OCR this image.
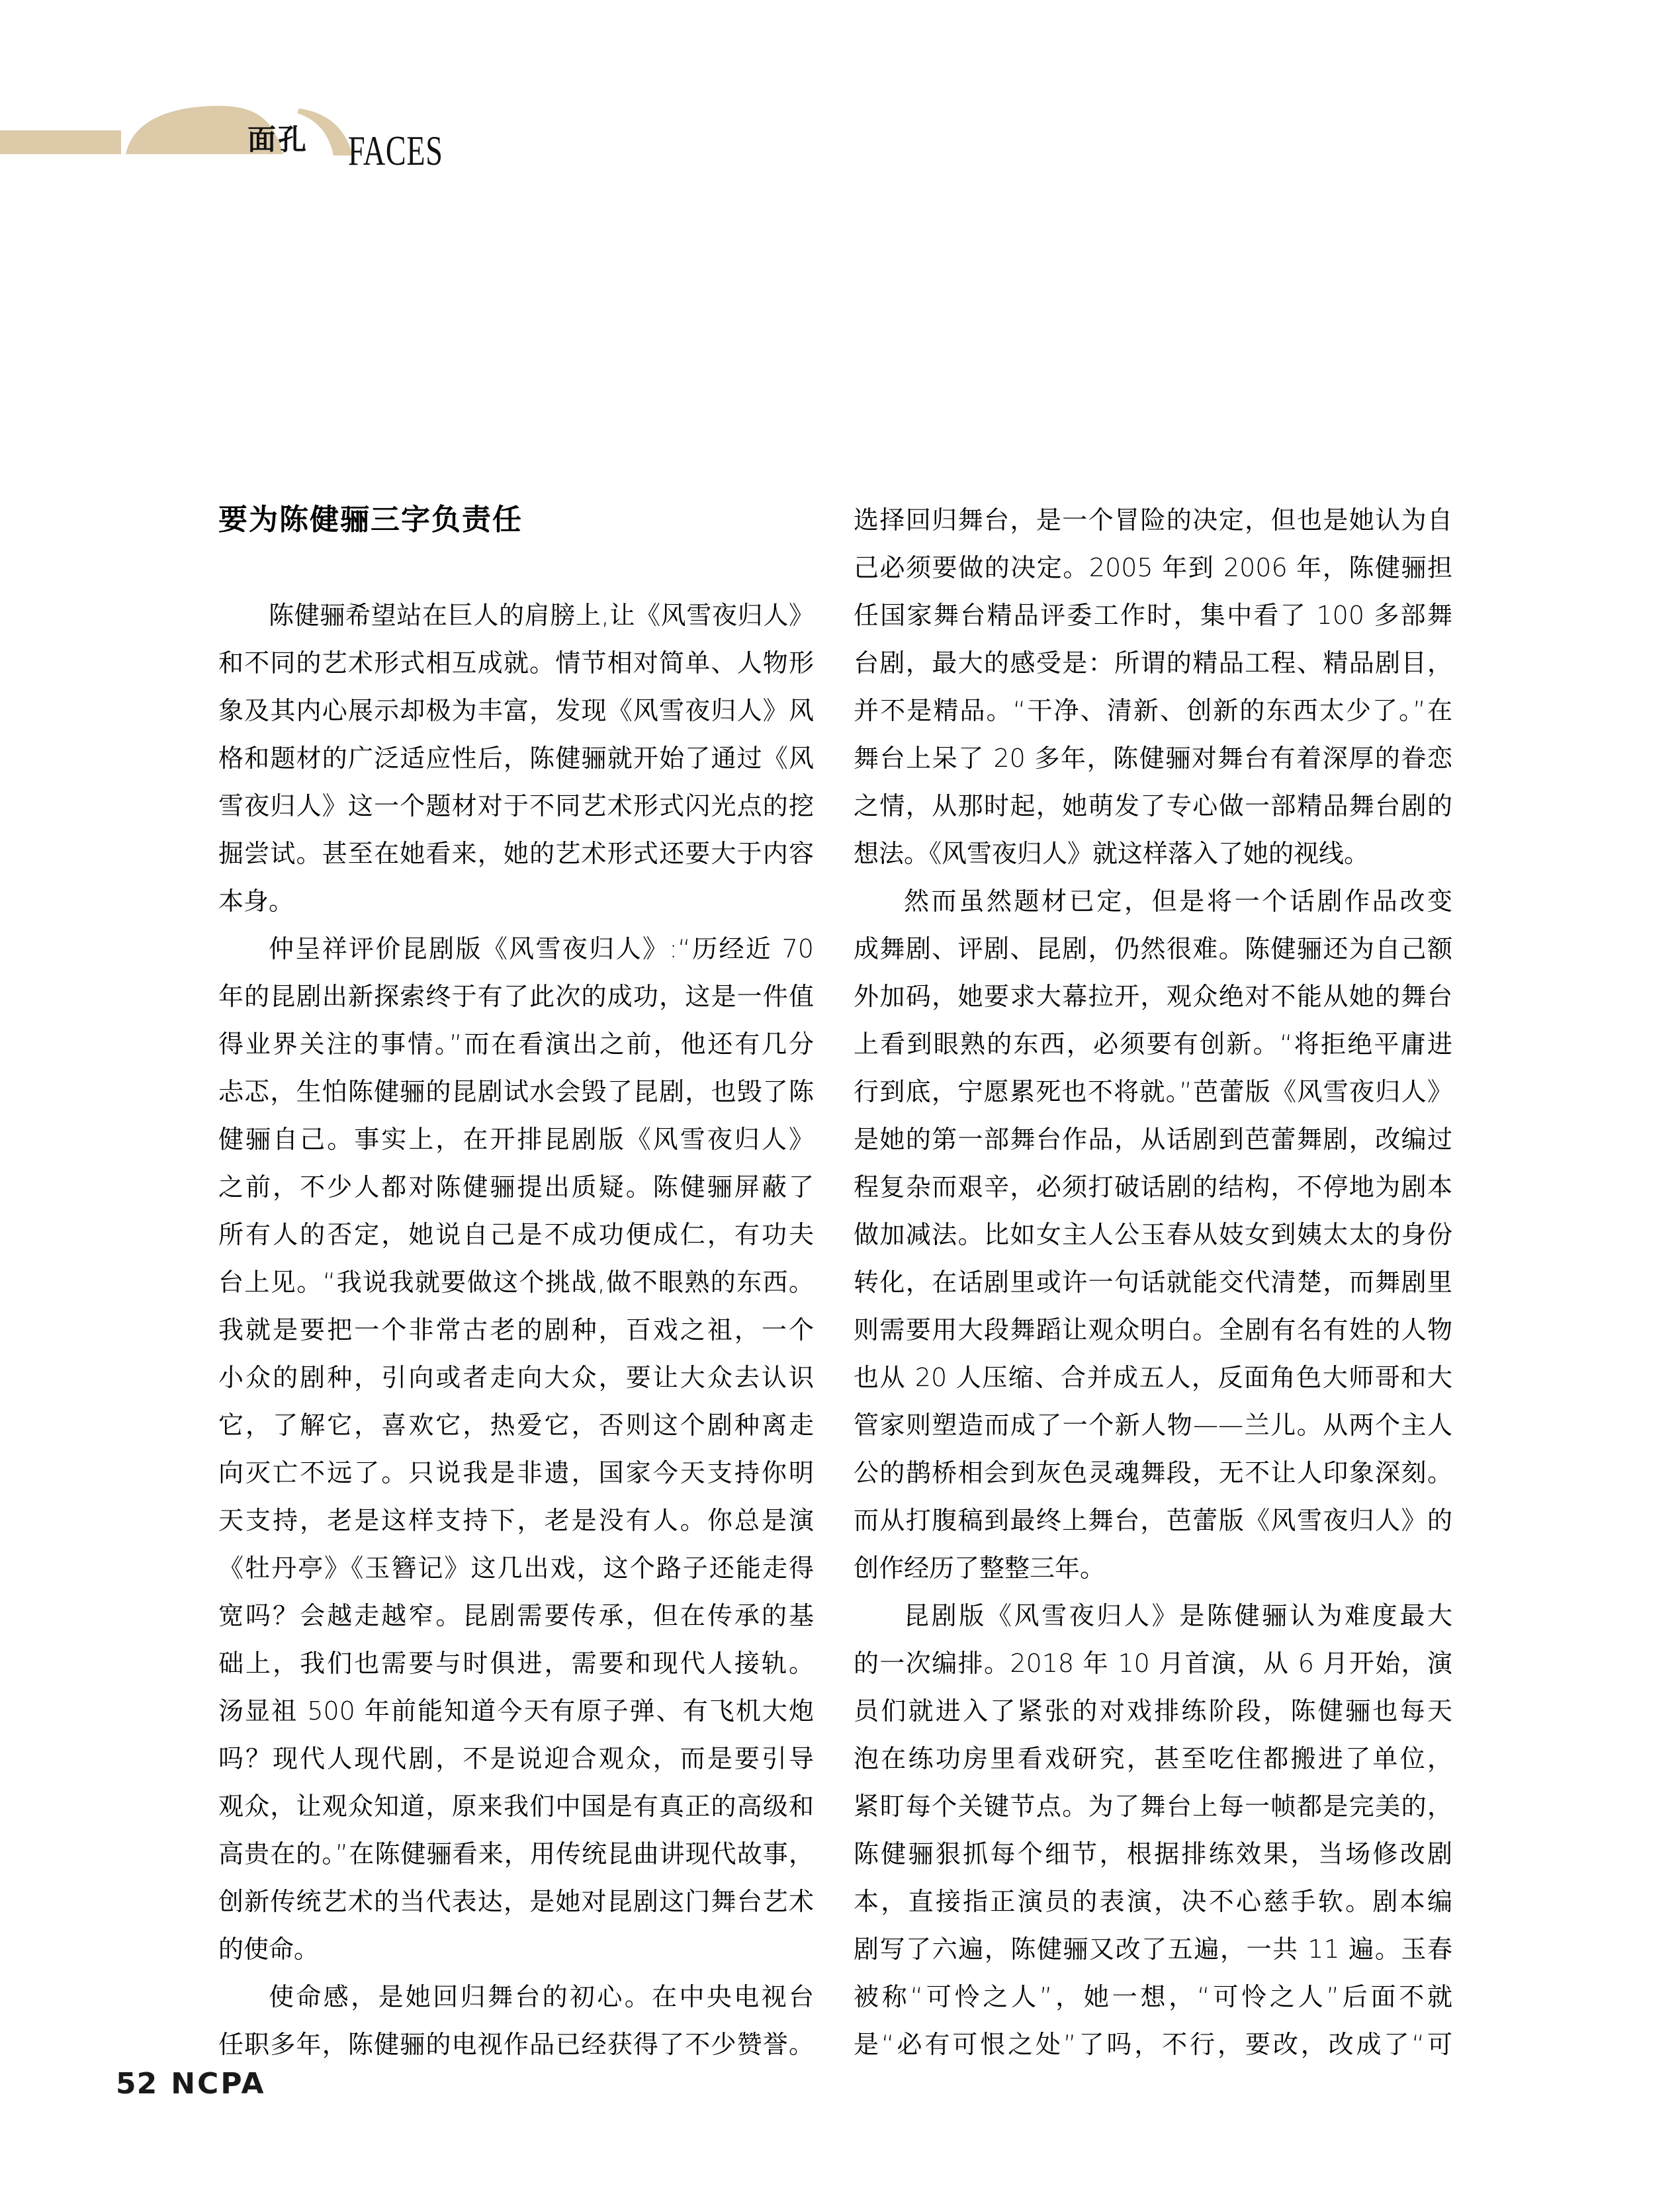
面孔 FACES
要为陈健骊三字负责任
陈健骊希望站在巨人的肩膀上,让《风雪夜归人》
和不同的艺术形式相互成就。情节相对简单、人物形
象及其内心展示却极为丰富，发现《风雪夜归人》风
格和题材的广泛适应性后，陈健骊就开始了通过《风
雪夜归人》这一个题材对于不同艺术形式闪光点的挖
掘尝试。甚至在她看来，她的艺术形式还要大于内容
本身。
仲呈祥评价昆剧版《风雪夜归人》:“历经近 70
年的昆剧出新探索终于有了此次的成功，这是一件值
得业界关注的事情。”而在看演出之前，他还有几分
忐忑，生怕陈健骊的昆剧试水会毁了昆剧，也毁了陈
健骊自己。事实上，在开排昆剧版《风雪夜归人》
之前，不少人都对陈健骊提出质疑。陈健骊屏蔽了
所有人的否定，她说自己是不成功便成仁，有功夫
台上见。“我说我就要做这个挑战,做不眼熟的东西。
我就是要把一个非常古老的剧种，百戏之祖，一个
小众的剧种，引向或者走向大众，要让大众去认识
它，了解它，喜欢它，热爱它，否则这个剧种离走
向灭亡不远了。只说我是非遗，国家今天支持你明
天支持，老是这样支持下，老是没有人。你总是演
《牡丹亭》《玉簪记》这几出戏，这个路子还能走得
宽吗？会越走越窄。昆剧需要传承，但在传承的基
础上，我们也需要与时俱进，需要和现代人接轨。
汤显祖 500 年前能知道今天有原子弹、有飞机大炮
吗？现代人现代剧，不是说迎合观众，而是要引导
观众，让观众知道，原来我们中国是有真正的高级和
高贵在的。”在陈健骊看来，用传统昆曲讲现代故事，
创新传统艺术的当代表达，是她对昆剧这门舞台艺术
的使命。
使命感，是她回归舞台的初心。在中央电视台
任职多年，陈健骊的电视作品已经获得了不少赞誉。
选择回归舞台，是一个冒险的决定，但也是她认为自
己必须要做的决定。2005 年到 2006 年，陈健骊担
任国家舞台精品评委工作时，集中看了 100 多部舞
台剧，最大的感受是：所谓的精品工程、精品剧目，
并不是精品。“干净、清新、创新的东西太少了。”在
舞台上呆了 20 多年，陈健骊对舞台有着深厚的眷恋
之情，从那时起，她萌发了专心做一部精品舞台剧的
想法。《风雪夜归人》就这样落入了她的视线。
然而虽然题材已定，但是将一个话剧作品改变
成舞剧、评剧、昆剧，仍然很难。陈健骊还为自己额
外加码，她要求大幕拉开，观众绝对不能从她的舞台
上看到眼熟的东西，必须要有创新。“将拒绝平庸进
行到底，宁愿累死也不将就。”芭蕾版《风雪夜归人》
是她的第一部舞台作品，从话剧到芭蕾舞剧，改编过
程复杂而艰辛，必须打破话剧的结构，不停地为剧本
做加减法。比如女主人公玉春从妓女到姨太太的身份
转化，在话剧里或许一句话就能交代清楚，而舞剧里
则需要用大段舞蹈让观众明白。全剧有名有姓的人物
也从 20 人压缩、合并成五人，反面角色大师哥和大
管家则塑造而成了一个新人物——兰儿。从两个主人
公的鹊桥相会到灰色灵魂舞段，无不让人印象深刻。
而从打腹稿到最终上舞台，芭蕾版《风雪夜归人》的
创作经历了整整三年。
昆剧版《风雪夜归人》是陈健骊认为难度最大
的一次编排。2018 年 10 月首演，从 6 月开始，演
员们就进入了紧张的对戏排练阶段，陈健骊也每天
泡在练功房里看戏研究，甚至吃住都搬进了单位，
紧盯每个关键节点。为了舞台上每一帧都是完美的，
陈健骊狠抓每个细节，根据排练效果，当场修改剧
本，直接指正演员的表演，决不心慈手软。剧本编
剧写了六遍，陈健骊又改了五遍，一共 11 遍。玉春
被称“可怜之人”，她一想，“可怜之人”后面不就
是“必有可恨之处”了吗，不行，要改，改成了“可
52 NCPA
